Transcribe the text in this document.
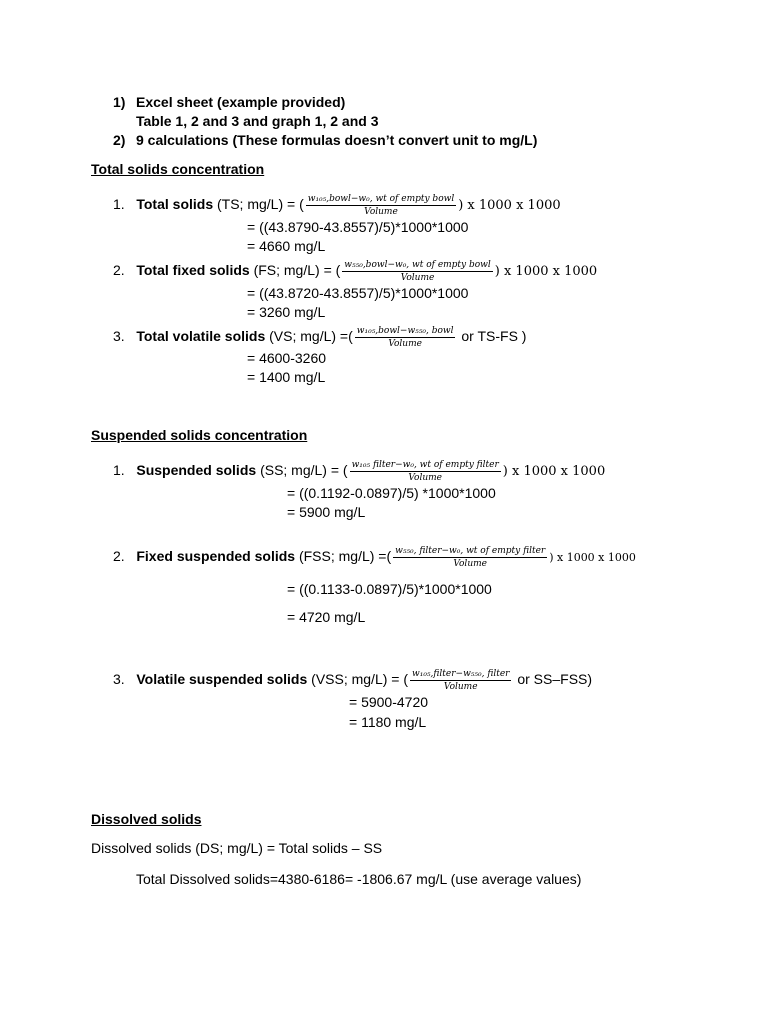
1) Excel sheet (example provided)
Table 1, 2 and 3 and graph 1, 2 and 3
2) 9 calculations (These formulas doesn’t convert unit to mg/L)
Total solids concentration
1. Total solids (TS; mg/L) = ( $\frac{\text{w₁₀₅,bowl−w₀, wt of empty bowl}}{\text{Volume}}$ ) x 1000 x 1000
= ((43.8790-43.8557)/5)*1000*1000
= 4660 mg/L
2. Total fixed solids (FS; mg/L) = ( $\frac{\text{w₅₅₀,bowl−w₀, wt of empty bowl}}{\text{Volume}}$ ) x 1000 x 1000
= ((43.8720-43.8557)/5)*1000*1000
= 3260 mg/L
3. Total volatile solids (VS; mg/L) =( $\frac{\text{w₁₀₅,bowl−w₅₅₀, bowl}}{\text{Volume}}$ or TS-FS )
= 4600-3260
= 1400 mg/L
Suspended solids concentration
1. Suspended solids (SS; mg/L) = ( $\frac{\text{w₁₀₅ filter−w₀, wt of empty filter}}{\text{Volume}}$ ) x 1000 x 1000
= ((0.1192-0.0897)/5) *1000*1000
= 5900 mg/L
2. Fixed suspended solids (FSS; mg/L) =( $\frac{\text{w₅₅₀, filter−w₀, wt of empty filter}}{\text{Volume}}$ ) x 1000 x 1000
= ((0.1133-0.0897)/5)*1000*1000
= 4720 mg/L
3. Volatile suspended solids (VSS; mg/L) = ( $\frac{\text{w₁₀₅,filter−w₅₅₀, filter}}{\text{Volume}}$ or SS–FSS)
= 5900-4720
= 1180 mg/L
Dissolved solids
Dissolved solids (DS; mg/L) = Total solids – SS
Total Dissolved solids=4380-6186= -1806.67 mg/L (use average values)
